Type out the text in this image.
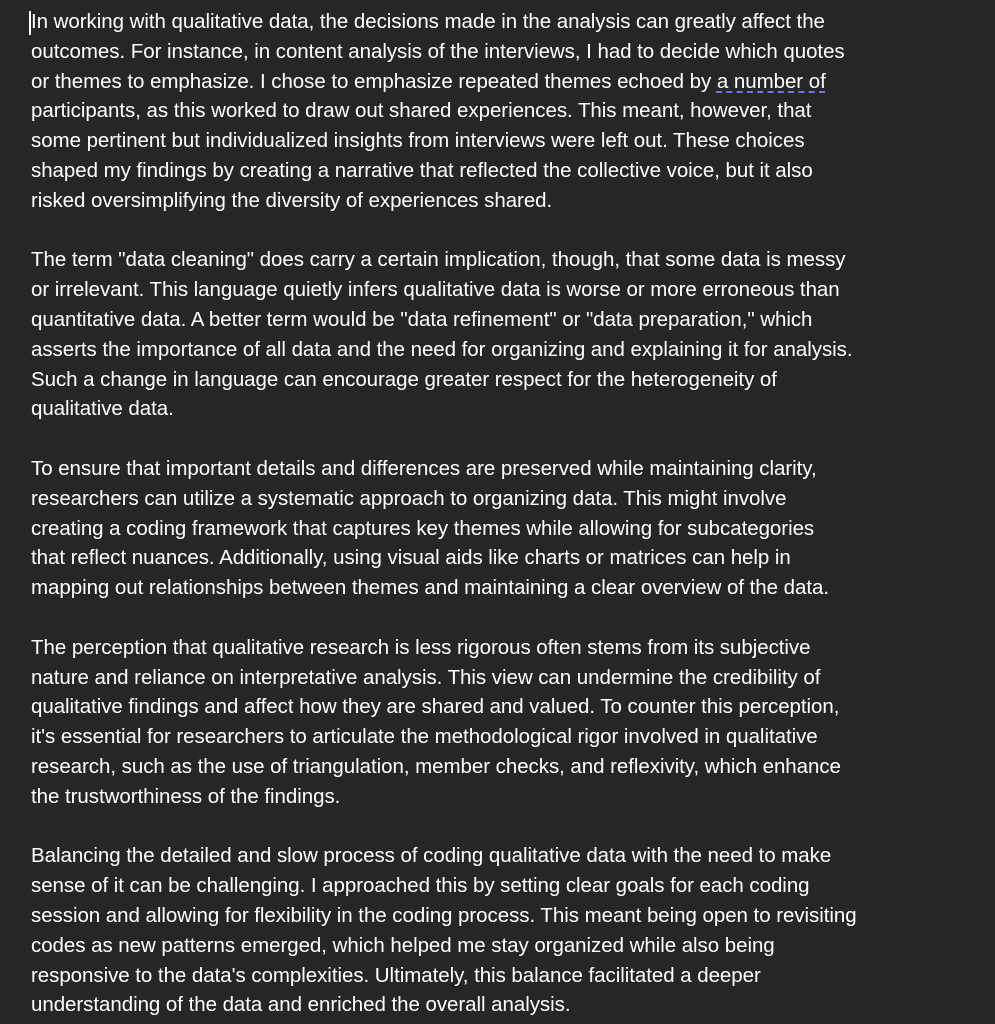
In working with qualitative data, the decisions made in the analysis can greatly affect the
outcomes. For instance, in content analysis of the interviews, I had to decide which quotes
or themes to emphasize. I chose to emphasize repeated themes echoed by a number of
participants, as this worked to draw out shared experiences. This meant, however, that
some pertinent but individualized insights from interviews were left out. These choices
shaped my findings by creating a narrative that reflected the collective voice, but it also
risked oversimplifying the diversity of experiences shared.
The term "data cleaning" does carry a certain implication, though, that some data is messy
or irrelevant. This language quietly infers qualitative data is worse or more erroneous than
quantitative data. A better term would be "data refinement" or "data preparation," which
asserts the importance of all data and the need for organizing and explaining it for analysis.
Such a change in language can encourage greater respect for the heterogeneity of
qualitative data.
To ensure that important details and differences are preserved while maintaining clarity,
researchers can utilize a systematic approach to organizing data. This might involve
creating a coding framework that captures key themes while allowing for subcategories
that reflect nuances. Additionally, using visual aids like charts or matrices can help in
mapping out relationships between themes and maintaining a clear overview of the data.
The perception that qualitative research is less rigorous often stems from its subjective
nature and reliance on interpretative analysis. This view can undermine the credibility of
qualitative findings and affect how they are shared and valued. To counter this perception,
it's essential for researchers to articulate the methodological rigor involved in qualitative
research, such as the use of triangulation, member checks, and reflexivity, which enhance
the trustworthiness of the findings.
Balancing the detailed and slow process of coding qualitative data with the need to make
sense of it can be challenging. I approached this by setting clear goals for each coding
session and allowing for flexibility in the coding process. This meant being open to revisiting
codes as new patterns emerged, which helped me stay organized while also being
responsive to the data's complexities. Ultimately, this balance facilitated a deeper
understanding of the data and enriched the overall analysis.
